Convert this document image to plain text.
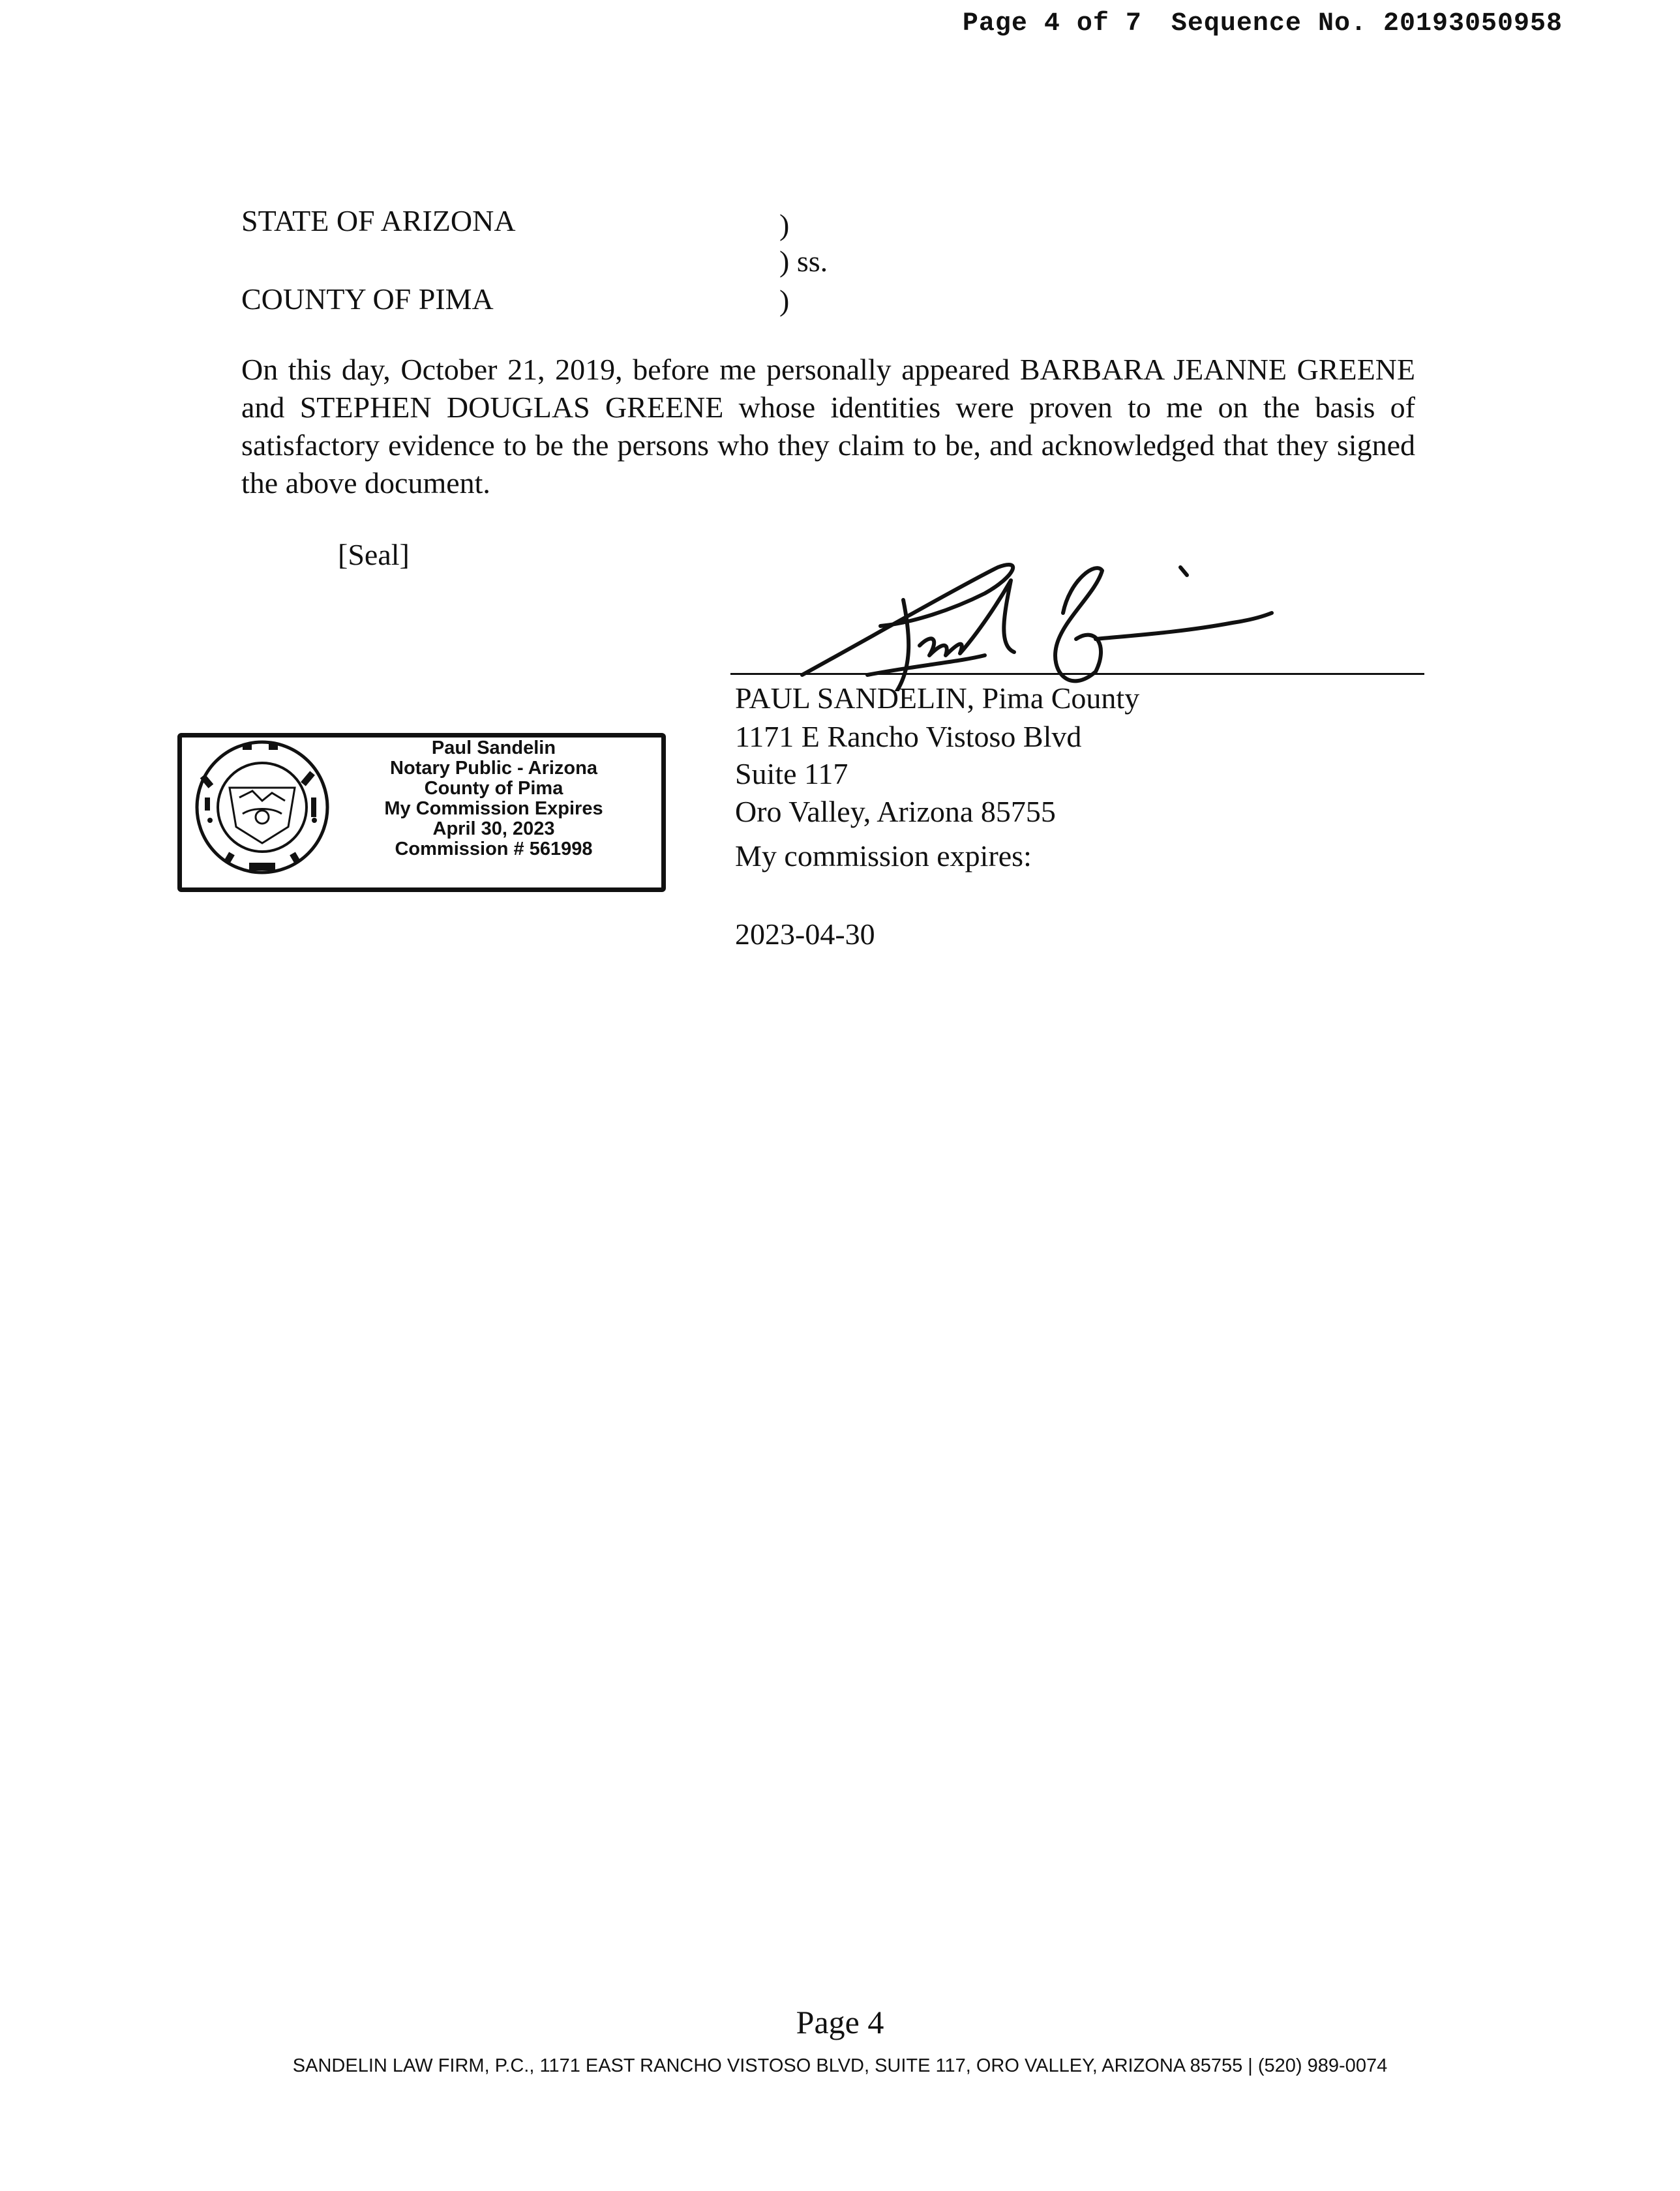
Page 4 of 7 Sequence No. 20193050958
STATE OF ARIZONA
COUNTY OF PIMA
)
) ss.
)
On this day, October 21, 2019, before me personally appeared BARBARA JEANNE GREENE and STEPHEN DOUGLAS GREENE whose identities were proven to me on the basis of satisfactory evidence to be the persons who they claim to be, and acknowledged that they signed the above document.
[Seal]
PAUL SANDELIN, Pima County
1171 E Rancho Vistoso Blvd
Suite 117
Oro Valley, Arizona 85755
My commission expires:
2023-04-30
Paul Sandelin
Notary Public - Arizona
County of Pima
My Commission Expires
April 30, 2023
Commission # 561998
Page 4
SANDELIN LAW FIRM, P.C., 1171 EAST RANCHO VISTOSO BLVD, SUITE 117, ORO VALLEY, ARIZONA 85755 | (520) 989-0074
